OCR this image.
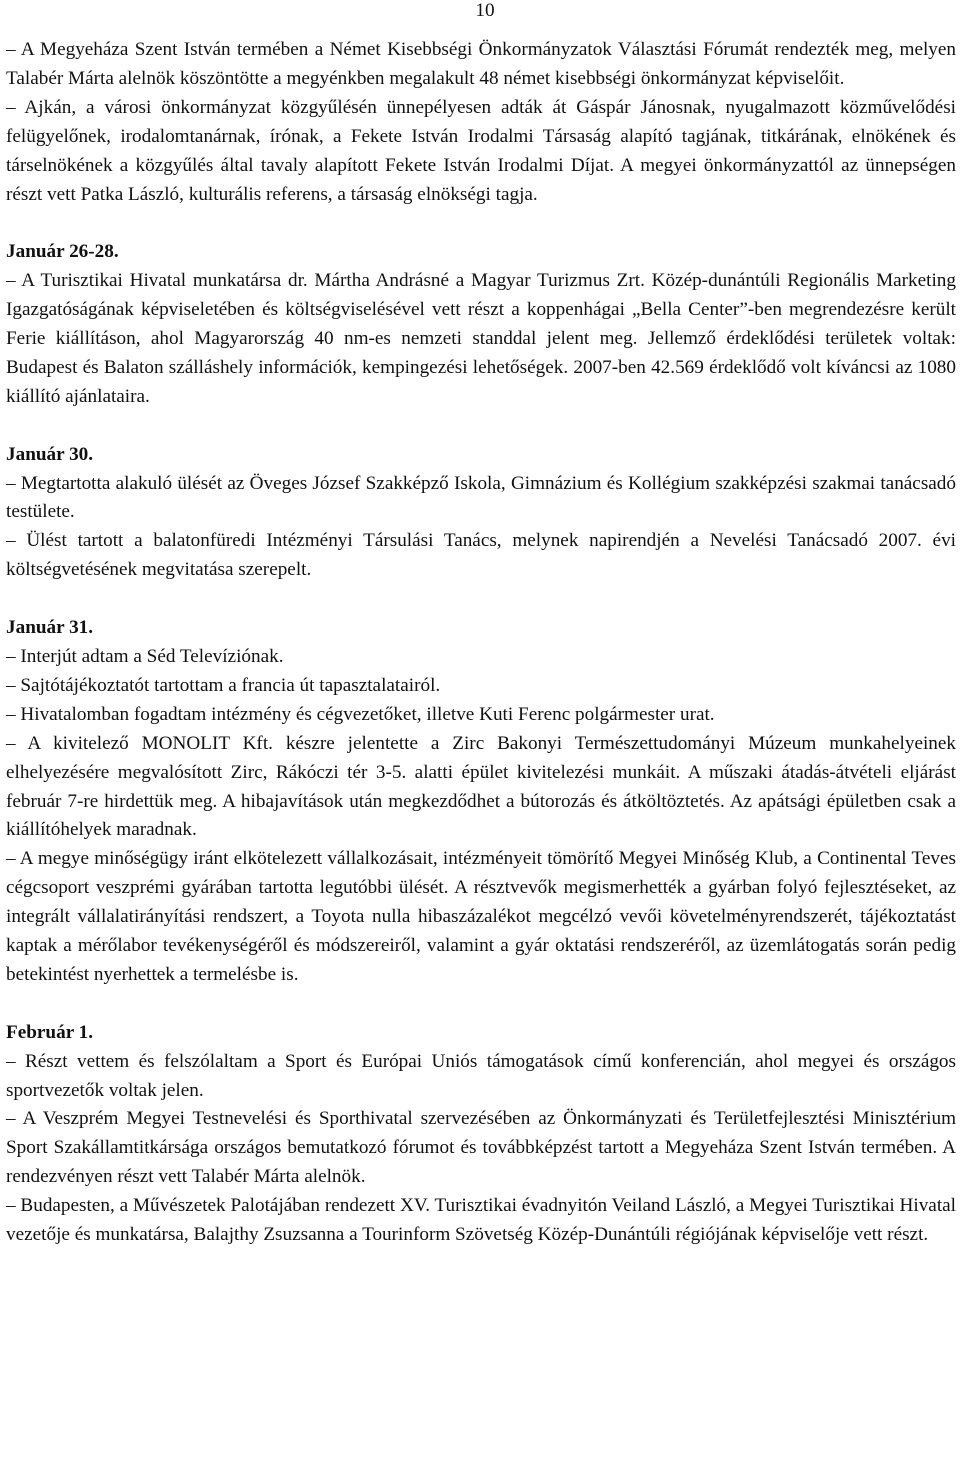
10

– A Megyeháza Szent István termében a Német Kisebbségi Önkormányzatok Választási Fórumát rendezték meg, melyen Talabér Márta alelnök köszöntötte a megyénkben megalakult 48 német kisebbségi önkormányzat képviselőit.

– Ajkán, a városi önkormányzat közgyűlésén ünnepélyesen adták át Gáspár Jánosnak, nyugalmazott közművelődési felügyelőnek, irodalomtanárnak, írónak, a Fekete István Irodalmi Társaság alapító tagjának, titkárának, elnökének és társelnökének a közgyűlés által tavaly alapított Fekete István Irodalmi Díjat. A megyei önkormányzattól az ünnepségen részt vett Patka László, kulturális referens, a társaság elnökségi tagja.

Január 26-28.

– A Turisztikai Hivatal munkatársa dr. Mártha Andrásné a Magyar Turizmus Zrt. Közép-dunántúli Regionális Marketing Igazgatóságának képviseletében és költségviselésével vett részt a koppenhágai „Bella Center”-ben megrendezésre került Ferie kiállításon, ahol Magyarország 40 nm-es nemzeti standdal jelent meg. Jellemző érdeklődési területek voltak: Budapest és Balaton szálláshely információk, kempingezési lehetőségek. 2007-ben 42.569 érdeklődő volt kíváncsi az 1080 kiállító ajánlataira.

Január 30.

– Megtartotta alakuló ülését az Öveges József Szakképző Iskola, Gimnázium és Kollégium szakképzési szakmai tanácsadó testülete.

– Ülést tartott a balatonfüredi Intézményi Társulási Tanács, melynek napirendjén a Nevelési Tanácsadó 2007. évi költségvetésének megvitatása szerepelt.

Január 31.

– Interjút adtam a Séd Televíziónak.

– Sajtótájékoztatót tartottam a francia út tapasztalatairól.

– Hivatalomban fogadtam intézmény és cégvezetőket, illetve Kuti Ferenc polgármester urat.

– A kivitelező MONOLIT Kft. készre jelentette a Zirc Bakonyi Természettudományi Múzeum munkahelyeinek elhelyezésére megvalósított Zirc, Rákóczi tér 3-5. alatti épület kivitelezési munkáit. A műszaki átadás-átvételi eljárást február 7-re hirdettük meg. A hibajavítások után megkezdődhet a bútorozás és átköltöztetés. Az apátsági épületben csak a kiállítóhelyek maradnak.

– A megye minőségügy iránt elkötelezett vállalkozásait, intézményeit tömörítő Megyei Minőség Klub, a Continental Teves cégcsoport veszprémi gyárában tartotta legutóbbi ülését. A résztvevők megismerhették a gyárban folyó fejlesztéseket, az integrált vállalatirányítási rendszert, a Toyota nulla hibaszázalékot megcélzó vevői követelményrendszerét, tájékoztatást kaptak a mérőlabor tevékenységéről és módszereiről, valamint a gyár oktatási rendszeréről, az üzemlátogatás során pedig betekintést nyerhettek a termelésbe is.

Február 1.

– Részt vettem és felszólaltam a Sport és Európai Uniós támogatások című konferencián, ahol megyei és országos sportvezetők voltak jelen.

– A Veszprém Megyei Testnevelési és Sporthivatal szervezésében az Önkormányzati és Területfejlesztési Minisztérium Sport Szakállamtitkársága országos bemutatkozó fórumot és továbbképzést tartott a Megyeháza Szent István termében. A rendezvényen részt vett Talabér Márta alelnök.

– Budapesten, a Művészetek Palotájában rendezett XV. Turisztikai évadnyitón Veiland László, a Megyei Turisztikai Hivatal vezetője és munkatársa, Balajthy Zsuzsanna a Tourinform Szövetség Közép-Dunántúli régiójának képviselője vett részt.
